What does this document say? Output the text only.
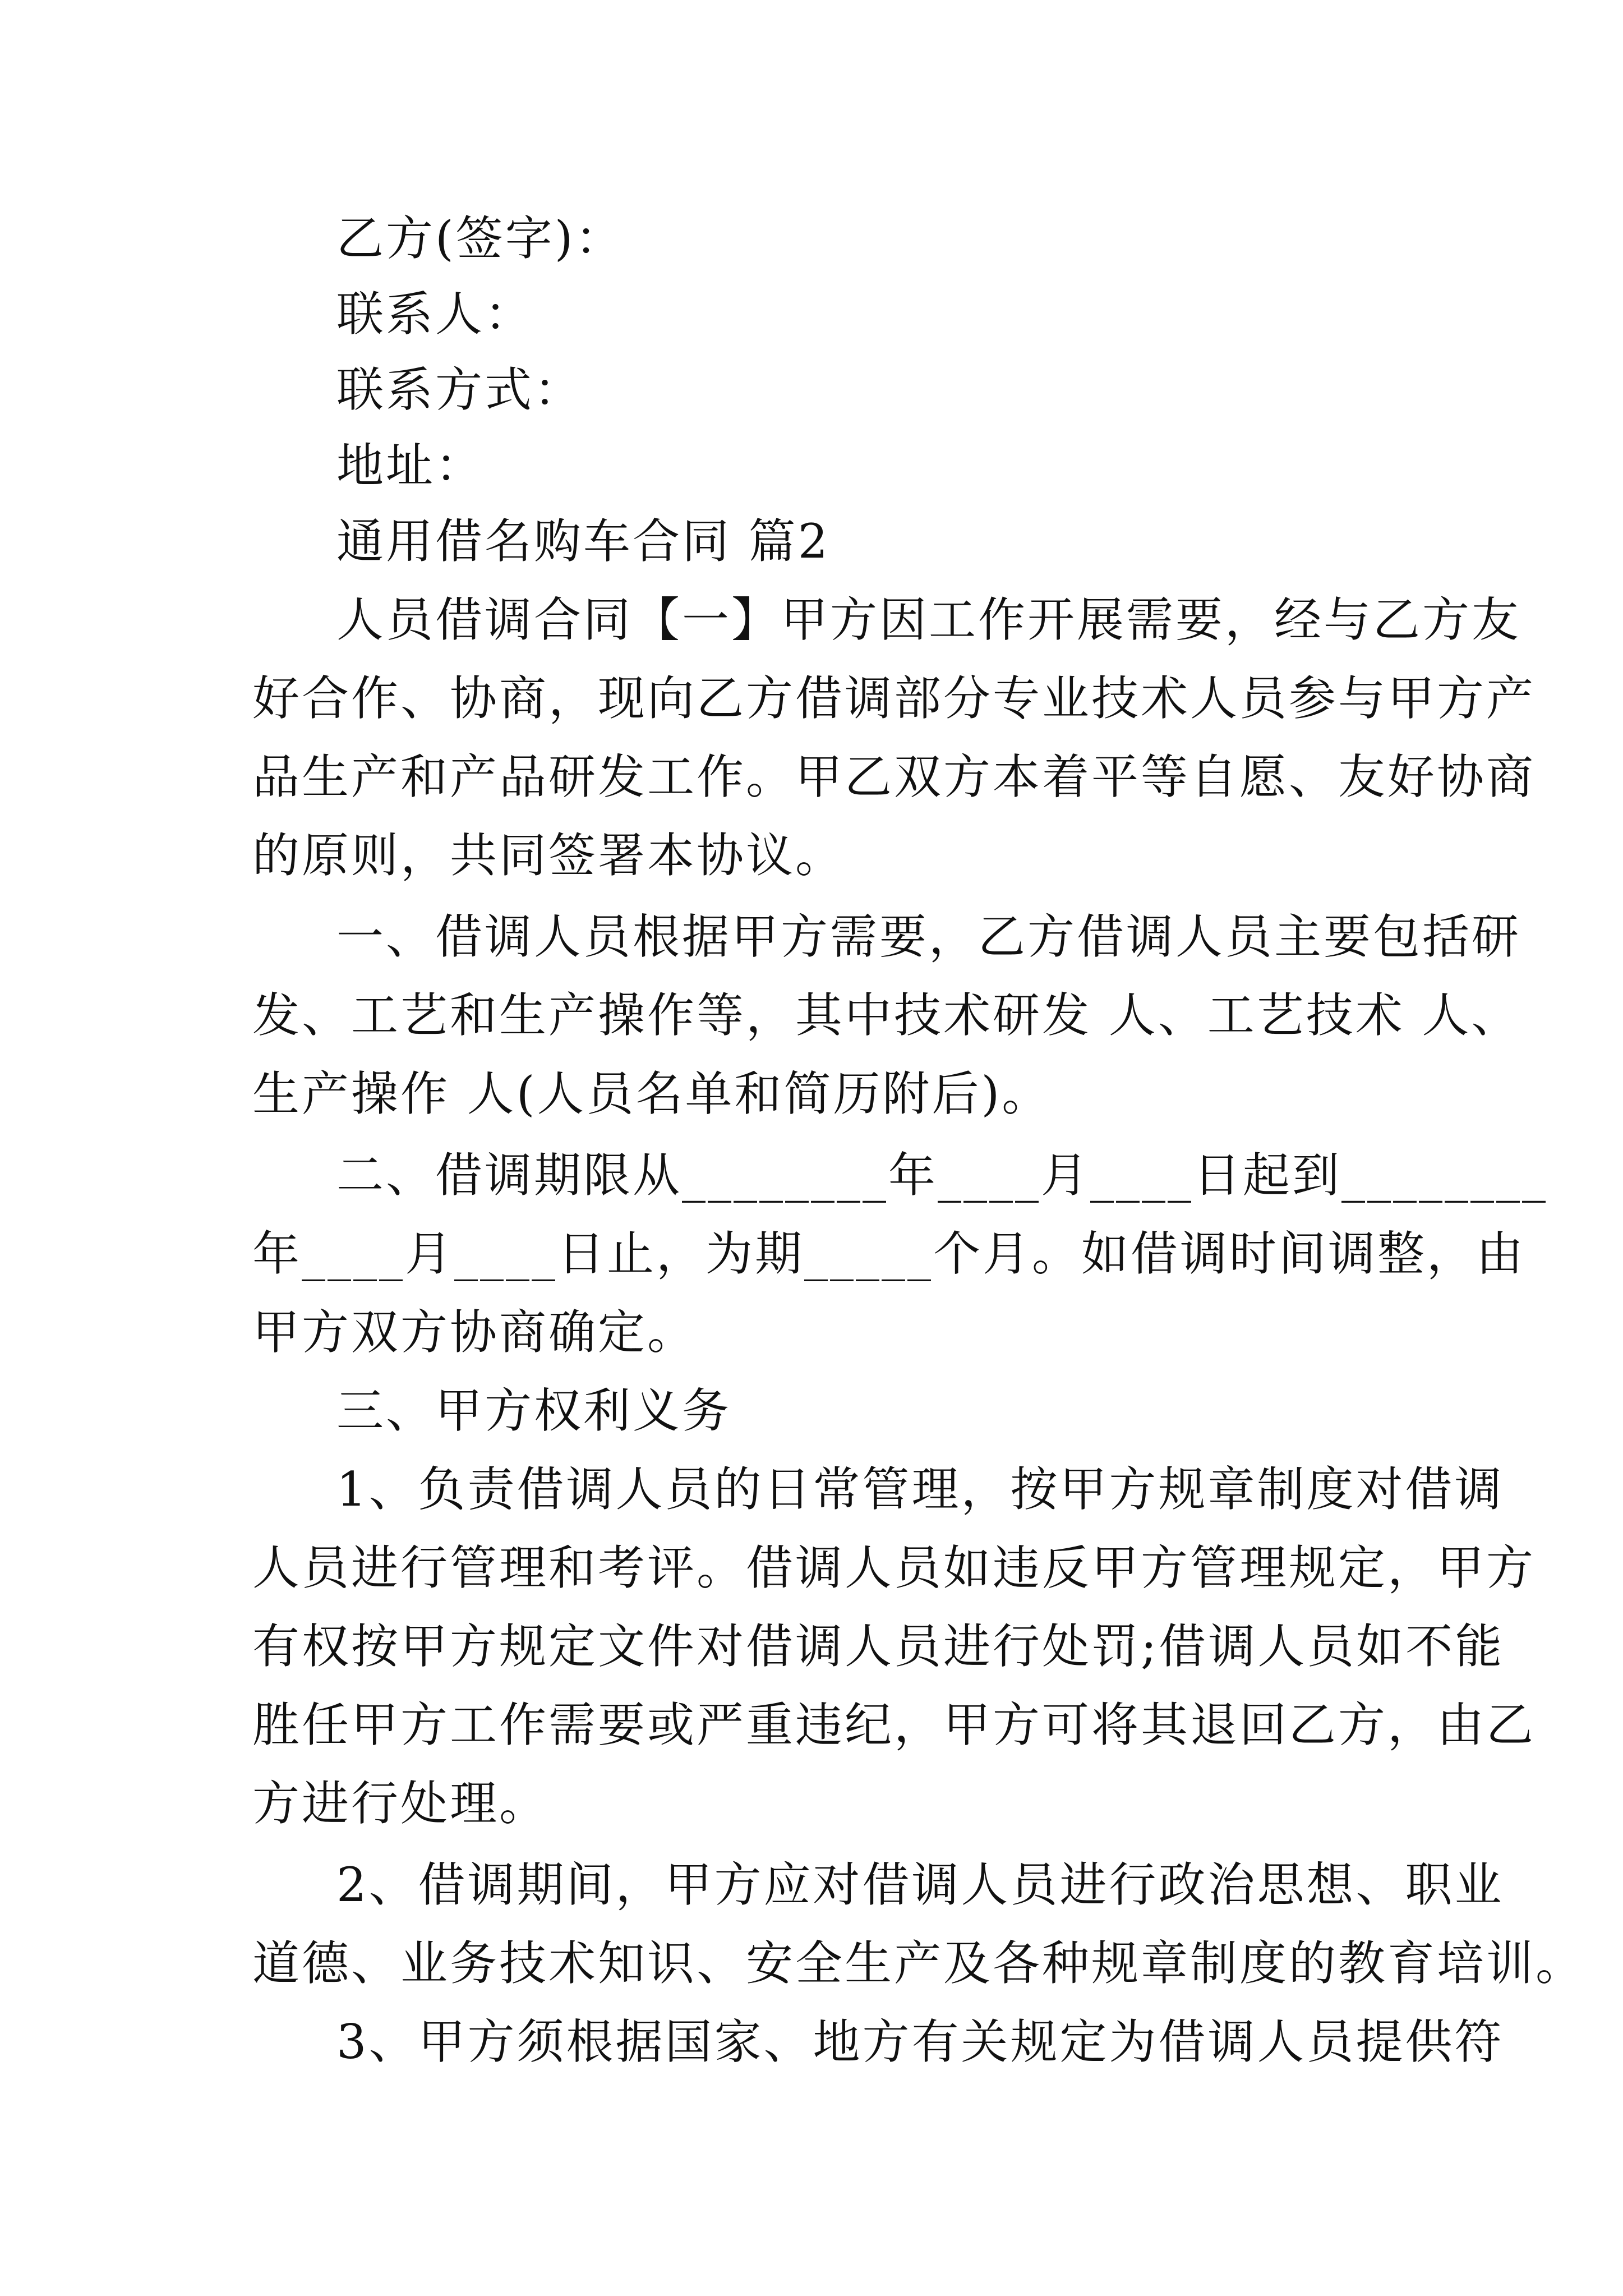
乙方(签字)：

联系人：

联系方式：

地址：

通用借名购车合同 篇2

人员借调合同【一】甲方因工作开展需要，经与乙方友

好合作、协商，现向乙方借调部分专业技术人员参与甲方产

品生产和产品研发工作。甲乙双方本着平等自愿、友好协商

的原则，共同签署本协议。

一、借调人员根据甲方需要，乙方借调人员主要包括研

发、工艺和生产操作等，其中技术研发 人、工艺技术 人、

生产操作 人(人员名单和简历附后)。

二、借调期限从________年____月____日起到________

年____月____日止，为期_____个月。如借调时间调整，由

甲方双方协商确定。

三、甲方权利义务

1、负责借调人员的日常管理，按甲方规章制度对借调

人员进行管理和考评。借调人员如违反甲方管理规定，甲方

有权按甲方规定文件对借调人员进行处罚;借调人员如不能

胜任甲方工作需要或严重违纪，甲方可将其退回乙方，由乙

方进行处理。

2、借调期间，甲方应对借调人员进行政治思想、职业

道德、业务技术知识、安全生产及各种规章制度的教育培训。

3、甲方须根据国家、地方有关规定为借调人员提供符
